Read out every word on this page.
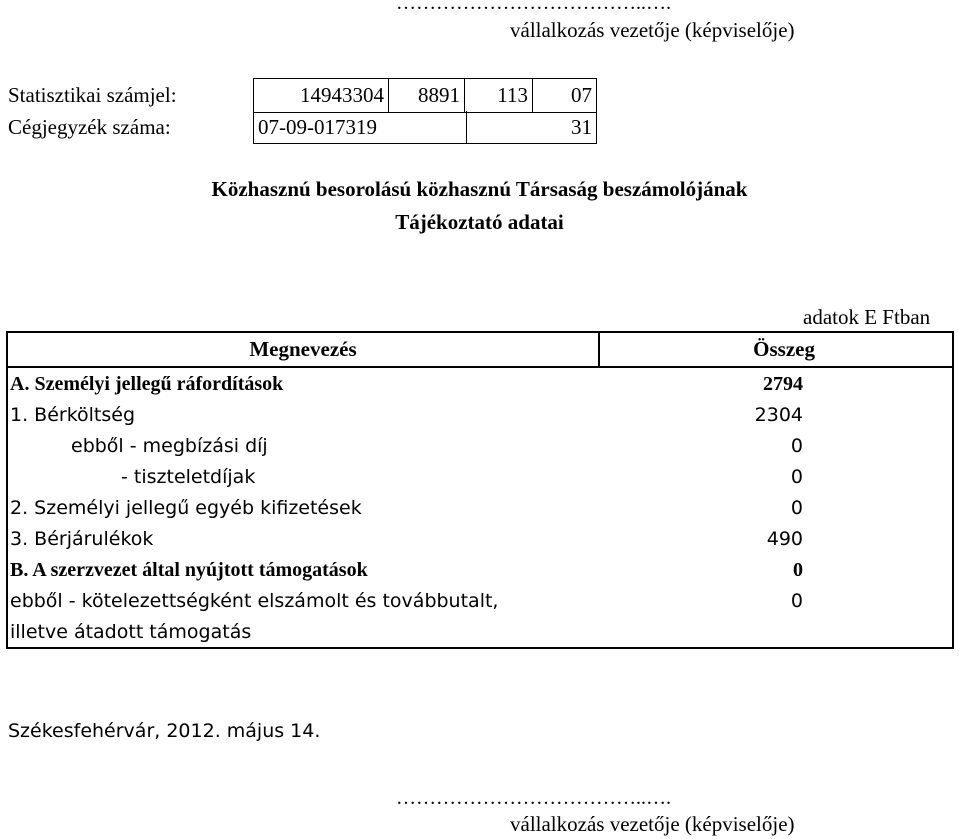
………………………………..….
vállalkozás vezetője (képviselője)
Statisztikai számjel:	14943304	8891	113	07
Cégjegyzék száma:	07-09-017319	31
Közhasznú besorolású közhasznú Társaság beszámolójának
Tájékoztató adatai
adatok E Ftban
Megnevezés	Összeg
A. Személyi jellegű ráfordítások	2794
1. Bérköltség	2304
ebből - megbízási díj	0
- tiszteletdíjak	0
2. Személyi jellegű egyéb kifizetések	0
3. Bérjárulékok	490
B. A szerzvezet által nyújtott támogatások	0
ebből - kötelezettségként elszámolt és továbbutalt,	0
illetve átadott támogatás
Székesfehérvár, 2012. május 14.
………………………………..….
vállalkozás vezetője (képviselője)
